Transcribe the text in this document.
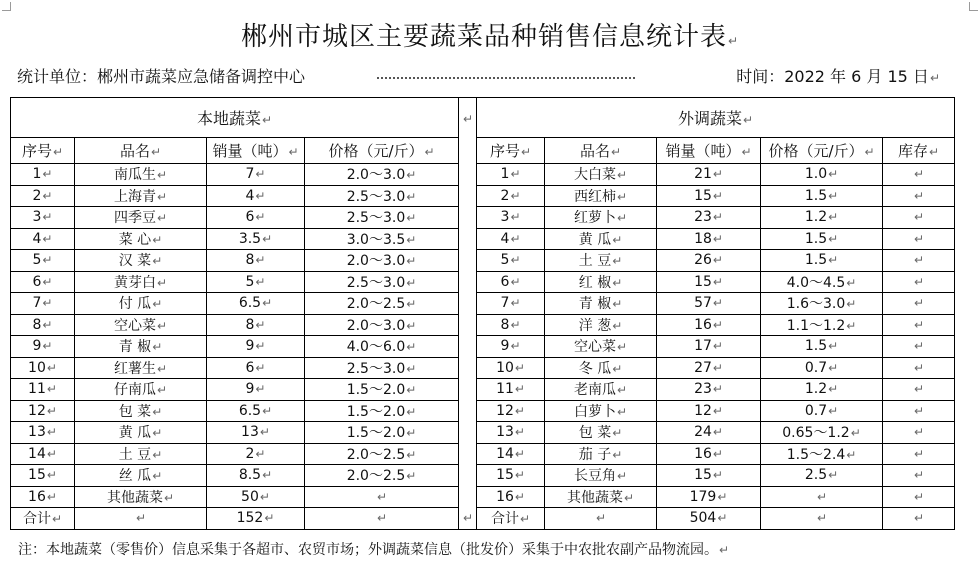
郴州市城区主要蔬菜品种销售信息统计表↵
统计单位：郴州市蔬菜应急储备调控中心	时间：2022 年 6 月 15 日↵
本地蔬菜↵				↵	外调蔬菜↵				
序号↵	品名↵	销量（吨）↵	价格（元/斤）↵		序号↵	品名↵	销量（吨）↵	价格（元/斤）↵	库存↵
1↵	南瓜生↵	7↵	2.0～3.0↵		1↵	大白菜↵	21↵	1.0↵	↵
2↵	上海青↵	4↵	2.5～3.0↵		2↵	西红柿↵	15↵	1.5↵	↵
3↵	四季豆↵	6↵	2.5～3.0↵		3↵	红萝卜↵	23↵	1.2↵	↵
4↵	菜 心↵	3.5↵	3.0～3.5↵		4↵	黄 瓜↵	18↵	1.5↵	↵
5↵	汉 菜↵	8↵	2.0～3.0↵		5↵	土 豆↵	26↵	1.5↵	↵
6↵	黄芽白↵	5↵	2.5～3.0↵		6↵	红 椒↵	15↵	4.0～4.5↵	↵
7↵	付 瓜↵	6.5↵	2.0～2.5↵		7↵	青 椒↵	57↵	1.6～3.0↵	↵
8↵	空心菜↵	8↵	2.0～3.0↵		8↵	洋 葱↵	16↵	1.1～1.2↵	↵
9↵	青 椒↵	9↵	4.0～6.0↵		9↵	空心菜↵	17↵	1.5↵	↵
10↵	红薯生↵	6↵	2.5～3.0↵		10↵	冬 瓜↵	27↵	0.7↵	↵
11↵	仔南瓜↵	9↵	1.5～2.0↵		11↵	老南瓜↵	23↵	1.2↵	↵
12↵	包 菜↵	6.5↵	1.5～2.0↵		12↵	白萝卜↵	12↵	0.7↵	↵
13↵	黄 瓜↵	13↵	1.5～2.0↵		13↵	包 菜↵	24↵	0.65～1.2↵	↵
14↵	土 豆↵	2↵	2.0～2.5↵		14↵	茄 子↵	16↵	1.5～2.4↵	↵
15↵	丝 瓜↵	8.5↵	2.0～2.5↵		15↵	长豆角↵	15↵	2.5↵	↵
16↵	其他蔬菜↵	50↵	↵		16↵	其他蔬菜↵	179↵	↵	↵
合计↵	↵	152↵	↵	↵	合计↵	↵	504↵	↵	↵
注：本地蔬菜（零售价）信息采集于各超市、农贸市场；外调蔬菜信息（批发价）采集于中农批农副产品物流园。↵
